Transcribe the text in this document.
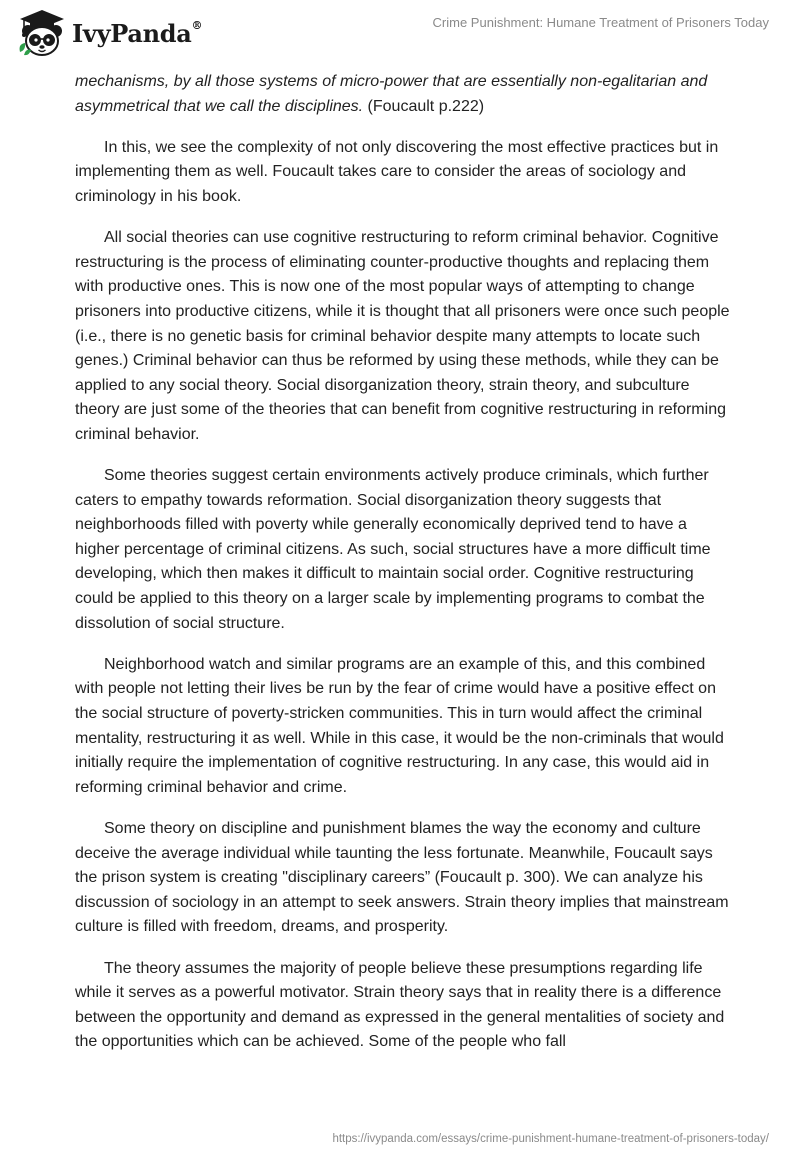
IvyPanda®	Crime Punishment: Humane Treatment of Prisoners Today

mechanisms, by all those systems of micro-power that are essentially non-egalitarian and asymmetrical that we call the disciplines. (Foucault p.222)

In this, we see the complexity of not only discovering the most effective practices but in implementing them as well. Foucault takes care to consider the areas of sociology and criminology in his book.

All social theories can use cognitive restructuring to reform criminal behavior. Cognitive restructuring is the process of eliminating counter-productive thoughts and replacing them with productive ones. This is now one of the most popular ways of attempting to change prisoners into productive citizens, while it is thought that all prisoners were once such people (i.e., there is no genetic basis for criminal behavior despite many attempts to locate such genes.) Criminal behavior can thus be reformed by using these methods, while they can be applied to any social theory. Social disorganization theory, strain theory, and subculture theory are just some of the theories that can benefit from cognitive restructuring in reforming criminal behavior.

Some theories suggest certain environments actively produce criminals, which further caters to empathy towards reformation. Social disorganization theory suggests that neighborhoods filled with poverty while generally economically deprived tend to have a higher percentage of criminal citizens. As such, social structures have a more difficult time developing, which then makes it difficult to maintain social order. Cognitive restructuring could be applied to this theory on a larger scale by implementing programs to combat the dissolution of social structure.

Neighborhood watch and similar programs are an example of this, and this combined with people not letting their lives be run by the fear of crime would have a positive effect on the social structure of poverty-stricken communities. This in turn would affect the criminal mentality, restructuring it as well. While in this case, it would be the non-criminals that would initially require the implementation of cognitive restructuring. In any case, this would aid in reforming criminal behavior and crime.

Some theory on discipline and punishment blames the way the economy and culture deceive the average individual while taunting the less fortunate. Meanwhile, Foucault says the prison system is creating "disciplinary careers” (Foucault p. 300). We can analyze his discussion of sociology in an attempt to seek answers. Strain theory implies that mainstream culture is filled with freedom, dreams, and prosperity.

The theory assumes the majority of people believe these presumptions regarding life while it serves as a powerful motivator. Strain theory says that in reality there is a difference between the opportunity and demand as expressed in the general mentalities of society and the opportunities which can be achieved. Some of the people who fall

https://ivypanda.com/essays/crime-punishment-humane-treatment-of-prisoners-today/
